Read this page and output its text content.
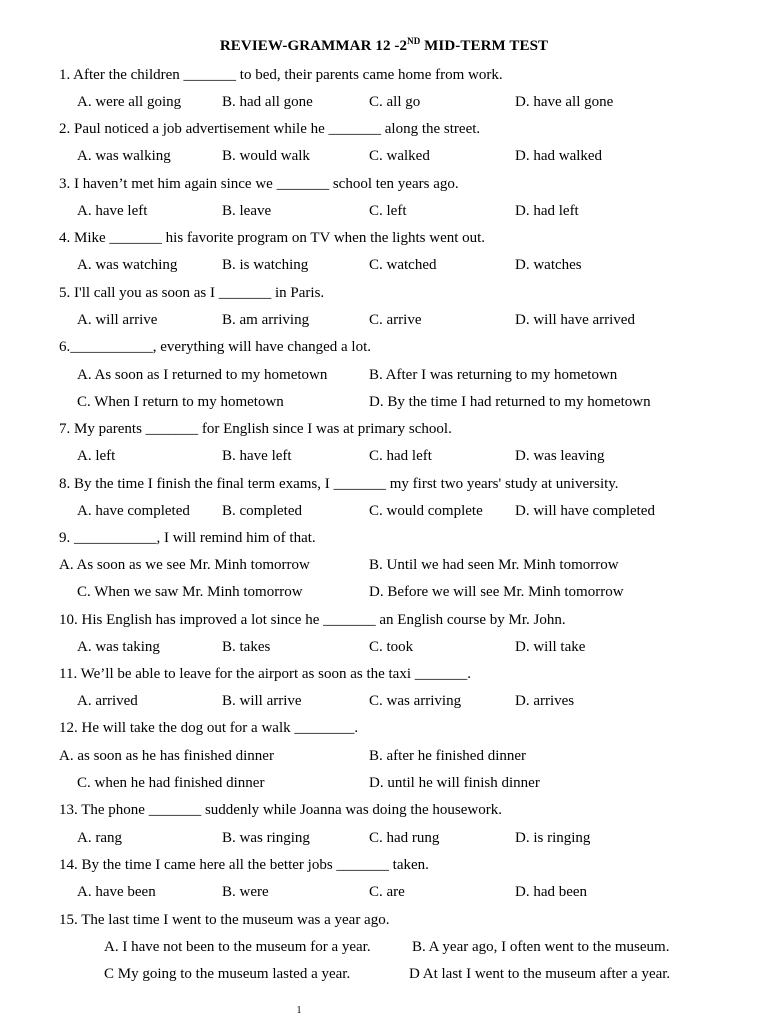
REVIEW-GRAMMAR 12 -2ND MID-TERM TEST
1. After the children _______ to bed, their parents came home from work.
A. were all going	B. had all gone	C. all go	D. have all gone
2. Paul noticed a job advertisement while he _______ along the street.
A. was walking	B. would walk	C. walked	D. had walked
3. I haven’t met him again since we _______ school ten years ago.
A. have left	B. leave	C. left	D. had left
4. Mike _______ his favorite program on TV when the lights went out.
A. was watching	B. is watching	C. watched	D. watches
5. I'll call you as soon as I _______ in Paris.
A. will arrive	B. am arriving	C. arrive	D. will have arrived
6.___________, everything will have changed a lot.
A. As soon as I returned to my hometown	B. After I was returning to my hometown
C. When I return to my hometown	D. By the time I had returned to my hometown
7. My parents _______ for English since I was at primary school.
A. left	B. have left	C. had left	D. was leaving
8. By the time I finish the final term exams, I _______ my first two years' study at university.
A. have completed B. completed	C. would complete D. will have completed
9. ___________, I will remind him of that.
A. As soon as we see Mr. Minh tomorrow	B. Until we had seen Mr. Minh tomorrow
C. When we saw Mr. Minh tomorrow	D. Before we will see Mr. Minh tomorrow
10. His English has improved a lot since he _______ an English course by Mr. John.
A. was taking	B. takes	C. took	D. will take
11. We’ll be able to leave for the airport as soon as the taxi _______.
A. arrived	B. will arrive	C. was arriving	D. arrives
12. He will take the dog out for a walk ________.
A. as soon as he has finished dinner	B. after he finished dinner
C. when he had finished dinner	D. until he will finish dinner
13. The phone _______ suddenly while Joanna was doing the housework.
A. rang	B. was ringing	C. had rung	D. is ringing
14. By the time I came here all the better jobs _______ taken.
A. have been	B. were	C. are	D. had been
15. The last time I went to the museum was a year ago.
A. I have not been to the museum for a year.	B. A year ago, I often went to the museum.
C My going to the museum lasted a year.	D At last I went to the museum after a year.
1
